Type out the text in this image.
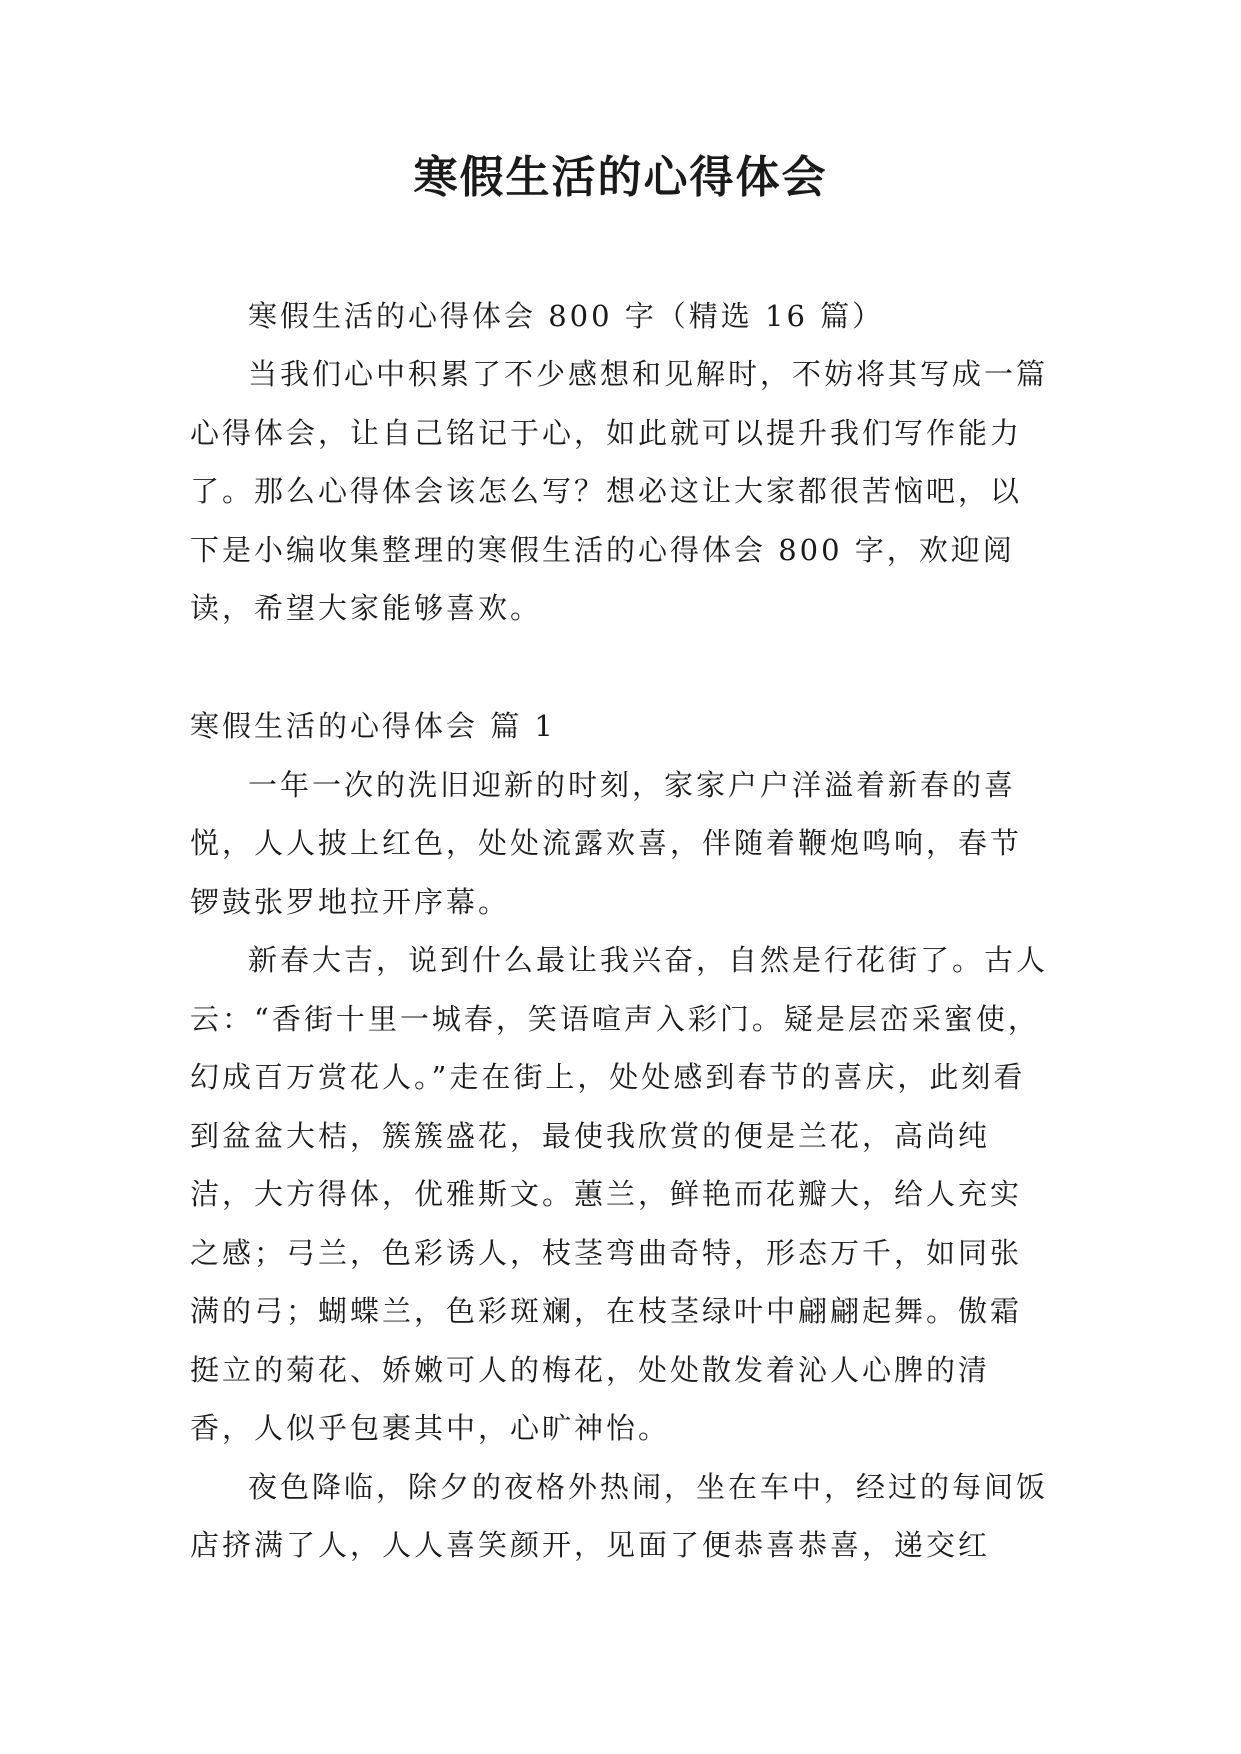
寒假生活的心得体会

寒假生活的心得体会 800 字（精选 16 篇）

当我们心中积累了不少感想和见解时，不妨将其写成一篇心得体会，让自己铭记于心，如此就可以提升我们写作能力了。那么心得体会该怎么写？想必这让大家都很苦恼吧，以下是小编收集整理的寒假生活的心得体会 800 字，欢迎阅读，希望大家能够喜欢。

寒假生活的心得体会 篇 1

一年一次的洗旧迎新的时刻，家家户户洋溢着新春的喜悦，人人披上红色，处处流露欢喜，伴随着鞭炮鸣响，春节锣鼓张罗地拉开序幕。

新春大吉，说到什么最让我兴奋，自然是行花街了。古人云：“香街十里一城春，笑语喧声入彩门。疑是层峦采蜜使，幻成百万赏花人。”走在街上，处处感到春节的喜庆，此刻看到盆盆大桔，簇簇盛花，最使我欣赏的便是兰花，高尚纯洁，大方得体，优雅斯文。蕙兰，鲜艳而花瓣大，给人充实之感；弓兰，色彩诱人，枝茎弯曲奇特，形态万千，如同张满的弓；蝴蝶兰，色彩斑斓，在枝茎绿叶中翩翩起舞。傲霜挺立的菊花、娇嫩可人的梅花，处处散发着沁人心脾的清香，人似乎包裹其中，心旷神怡。

夜色降临，除夕的夜格外热闹，坐在车中，经过的每间饭店挤满了人，人人喜笑颜开，见面了便恭喜恭喜，递交红
